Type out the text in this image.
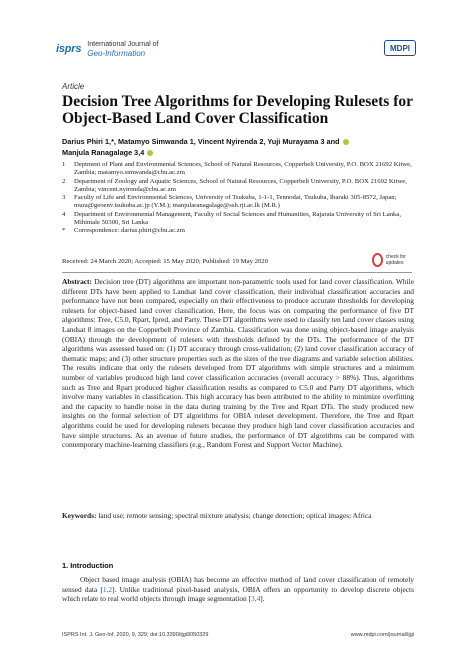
isprs International Journal of
Geo-Information
MDPI
Article
Decision Tree Algorithms for Developing Rulesets for Object-Based Land Cover Classification
Darius Phiri 1,*, Matamyo Simwanda 1, Vincent Nyirenda 2, Yuji Murayama 3 and
Manjula Ranagalage 3,4
1	Deptment of Plant and Environmental Sciences, School of Natural Resources, Copperbelt University, P.O. BOX 21692 Kitwe, Zambia; matamyo.simwanda@cbu.ac.zm
2	Department of Zoology and Aquatic Sciences, School of Natural Resources, Copperbelt University, P.O. BOX 21692 Kitwe, Zambia; vincent.nyirenda@cbu.ac.zm
3	Faculty of Life and Environmental Sciences, University of Tsukuba, 1-1-1, Tennodai, Tsukuba, Ibaraki 305-8572, Japan; mura@geoenv.tsukuba.ac.jp (Y.M.); manjularanagalage@ssh.rjt.ac.lk (M.R.)
4	Department of Environmental Management, Faculty of Social Sciences and Humanities, Rajarata University of Sri Lanka, Mihintale 50300, Sri Lanka
*	Correspondence: darius.phiri@cbu.ac.zm
Received: 24 March 2020; Accepted: 15 May 2020; Published: 19 May 2020
check for updates
Abstract: Decision tree (DT) algorithms are important non-parametric tools used for land cover classification. While different DTs have been applied to Landsat land cover classification, their individual classification accuracies and performance have not been compared, especially on their effectiveness to produce accurate thresholds for developing rulesets for object-based land cover classification. Here, the focus was on comparing the performance of five DT algorithms: Tree, C5.0, Rpart, Ipred, and Party. These DT algorithms were used to classify ten land cover classes using Landsat 8 images on the Copperbelt Province of Zambia. Classification was done using object-based image analysis (OBIA) through the development of rulesets with thresholds defined by the DTs. The performance of the DT algorithms was assessed based on: (1) DT accuracy through cross-validation; (2) land cover classification accuracy of thematic maps; and (3) other structure properties such as the sizes of the tree diagrams and variable selection abilities. The results indicate that only the rulesets developed from DT algorithms with simple structures and a minimum number of variables produced high land cover classification accuracies (overall accuracy > 88%). Thus, algorithms such as Tree and Rpart produced higher classification results as compared to C5.0 and Party DT algorithms, which involve many variables in classification. This high accuracy has been attributed to the ability to minimize overfitting and the capacity to handle noise in the data during training by the Tree and Rpart DTs. The study produced new insights on the formal selection of DT algorithms for OBIA ruleset development. Therefore, the Tree and Rpart algorithms could be used for developing rulesets because they produce high land cover classification accuracies and have simple structures. As an avenue of future studies, the performance of DT algorithms can be compared with contemporary machine-learning classifiers (e.g., Random Forest and Support Vector Machine).
Keywords: land use; remote sensing; spectral mixture analysis; change detection; optical images; Africa
1. Introduction
Object based image analysis (OBIA) has become an effective method of land cover classification of remotely sensed data [1,2]. Unlike traditional pixel-based analysis, OBIA offers an opportunity to develop discrete objects which relate to real world objects through image segmentation [3,4].
ISPRS Int. J. Geo-Inf. 2020, 9, 329; doi:10.3390/ijgi9050329	www.mdpi.com/journal/ijgi
